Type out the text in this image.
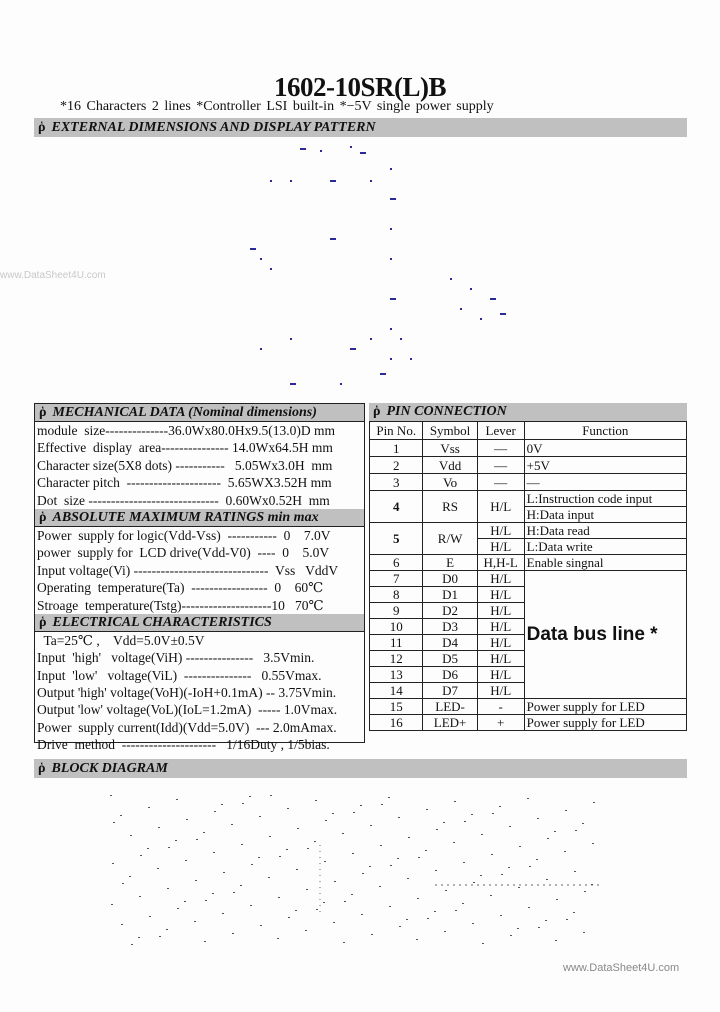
1602-10SR(L)B
*16 Characters 2 lines *Controller LSI built-in *−5V single power supply
ῥ EXTERNAL DIMENSIONS AND DISPLAY PATTERN
www.DataSheet4U.com
ῥ MECHANICAL DATA (Nominal dimensions)
module  size--------------36.0Wx80.0Hx9.5(13.0)D mm
Effective  display  area--------------- 14.0Wx64.5H mm
Character size(5X8 dots) -----------   5.05Wx3.0H  mm
Character pitch  ---------------------  5.65WX3.52H mm
Dot  size -----------------------------  0.60Wx0.52H  mm
ῥ ABSOLUTE MAXIMUM RATINGS min max
Power  supply for logic(Vdd-Vss)  -----------  0    7.0V
power  supply for  LCD drive(Vdd-V0)  ----  0    5.0V
Input voltage(Vi) ------------------------------  Vss   VddV
Operating  temperature(Ta)  -----------------  0    60℃
Stroage  temperature(Tstg)--------------------10   70℃
ῥ ELECTRICAL CHARACTERISTICS
Ta=25℃ ,    Vdd=5.0V±0.5V
Input  'high'   voltage(ViH) ---------------   3.5Vmin.
Input  'low'   voltage(ViL)  ---------------   0.55Vmax.
Output 'high' voltage(VoH)(-IoH+0.1mA) -- 3.75Vmin.
Output 'low' voltage(VoL)(IoL=1.2mA)  ----- 1.0Vmax.
Power  supply current(Idd)(Vdd=5.0V)  --- 2.0mAmax.
Drive  method  ---------------------   1/16Duty , 1/5bias.
ῥ PIN CONNECTION
Pin No.	Symbol	Lever	Function
1	Vss	—	0V
2	Vdd	—	+5V
3	Vo	—	—
4	RS	H/L	L:Instruction code input
			H:Data input
5	R/W	H/L	H:Data read
		H/L	L:Data write
6	E	H,H-L	Enable singnal
7	D0	H/L	Data bus line *
8	D1	H/L	
9	D2	H/L	
10	D3	H/L	
11	D4	H/L	
12	D5	H/L	
13	D6	H/L	
14	D7	H/L	
15	LED-	-	Power supply for LED
16	LED+	+	Power supply for LED
ῥ BLOCK DIAGRAM
www.DataSheet4U.com
